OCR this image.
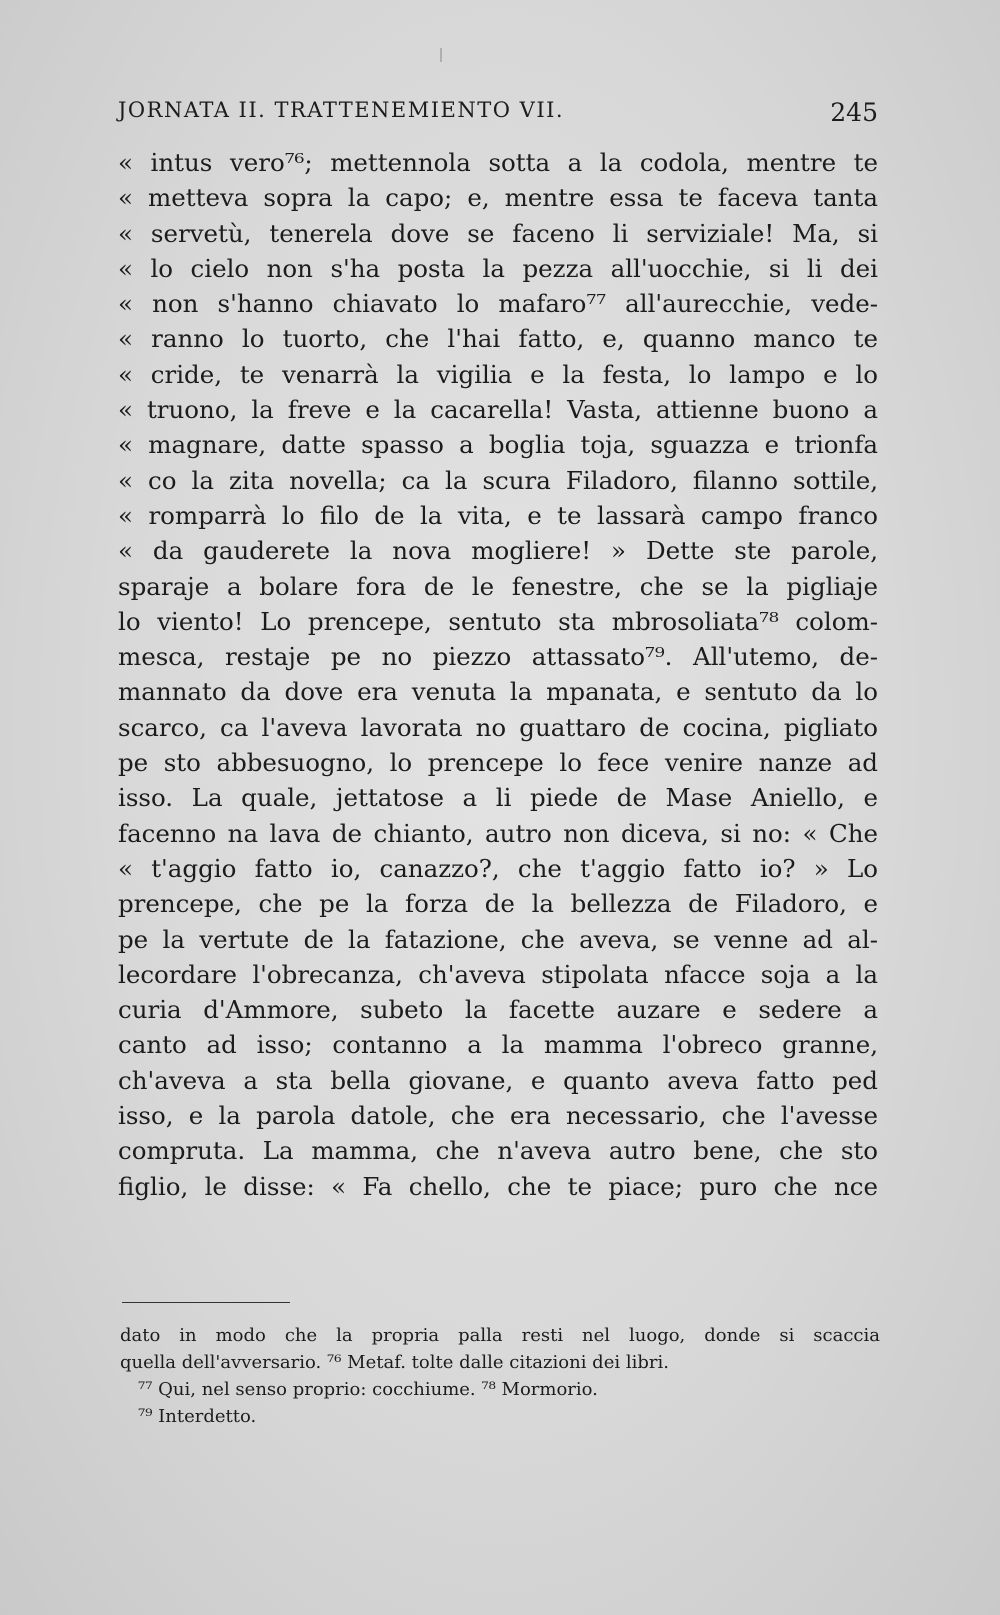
JORNATA II. TRATTENEMIENTO VII.	245
« intus vero⁷⁶; mettennola sotta a la codola, mentre te
« metteva sopra la capo; e, mentre essa te faceva tanta
« servetù, tenerela dove se faceno li serviziale! Ma, si
« lo cielo non s'ha posta la pezza all'uocchie, si li dei
« non s'hanno chiavato lo mafaro⁷⁷ all'aurecchie, vede-
« ranno lo tuorto, che l'hai fatto, e, quanno manco te
« cride, te venarrà la vigilia e la festa, lo lampo e lo
« truono, la freve e la cacarella! Vasta, attienne buono a
« magnare, datte spasso a boglia toja, sguazza e trionfa
« co la zita novella; ca la scura Filadoro, filanno sottile,
« romparrà lo filo de la vita, e te lassarà campo franco
« da gauderete la nova mogliere! » Dette ste parole,
sparaje a bolare fora de le fenestre, che se la pigliaje
lo viento! Lo prencepe, sentuto sta mbrosoliata⁷⁸ colom-
mesca, restaje pe no piezzo attassato⁷⁹. All'utemo, de-
mannato da dove era venuta la mpanata, e sentuto da lo
scarco, ca l'aveva lavorata no guattaro de cocina, pigliato
pe sto abbesuogno, lo prencepe lo fece venire nanze ad
isso. La quale, jettatose a li piede de Mase Aniello, e
facenno na lava de chianto, autro non diceva, si no: « Che
« t'aggio fatto io, canazzo?, che t'aggio fatto io? » Lo
prencepe, che pe la forza de la bellezza de Filadoro, e
pe la vertute de la fatazione, che aveva, se venne ad al-
lecordare l'obrecanza, ch'aveva stipolata nfacce soja a la
curia d'Ammore, subeto la facette auzare e sedere a
canto ad isso; contanno a la mamma l'obreco granne,
ch'aveva a sta bella giovane, e quanto aveva fatto ped
isso, e la parola datole, che era necessario, che l'avesse
compruta. La mamma, che n'aveva autro bene, che sto
figlio, le disse: « Fa chello, che te piace; puro che nce
dato in modo che la propria palla resti nel luogo, donde si scaccia
quella dell'avversario. ⁷⁶ Metaf. tolte dalle citazioni dei libri.
⁷⁷ Qui, nel senso proprio: cocchiume. ⁷⁸ Mormorio.
⁷⁹ Interdetto.
